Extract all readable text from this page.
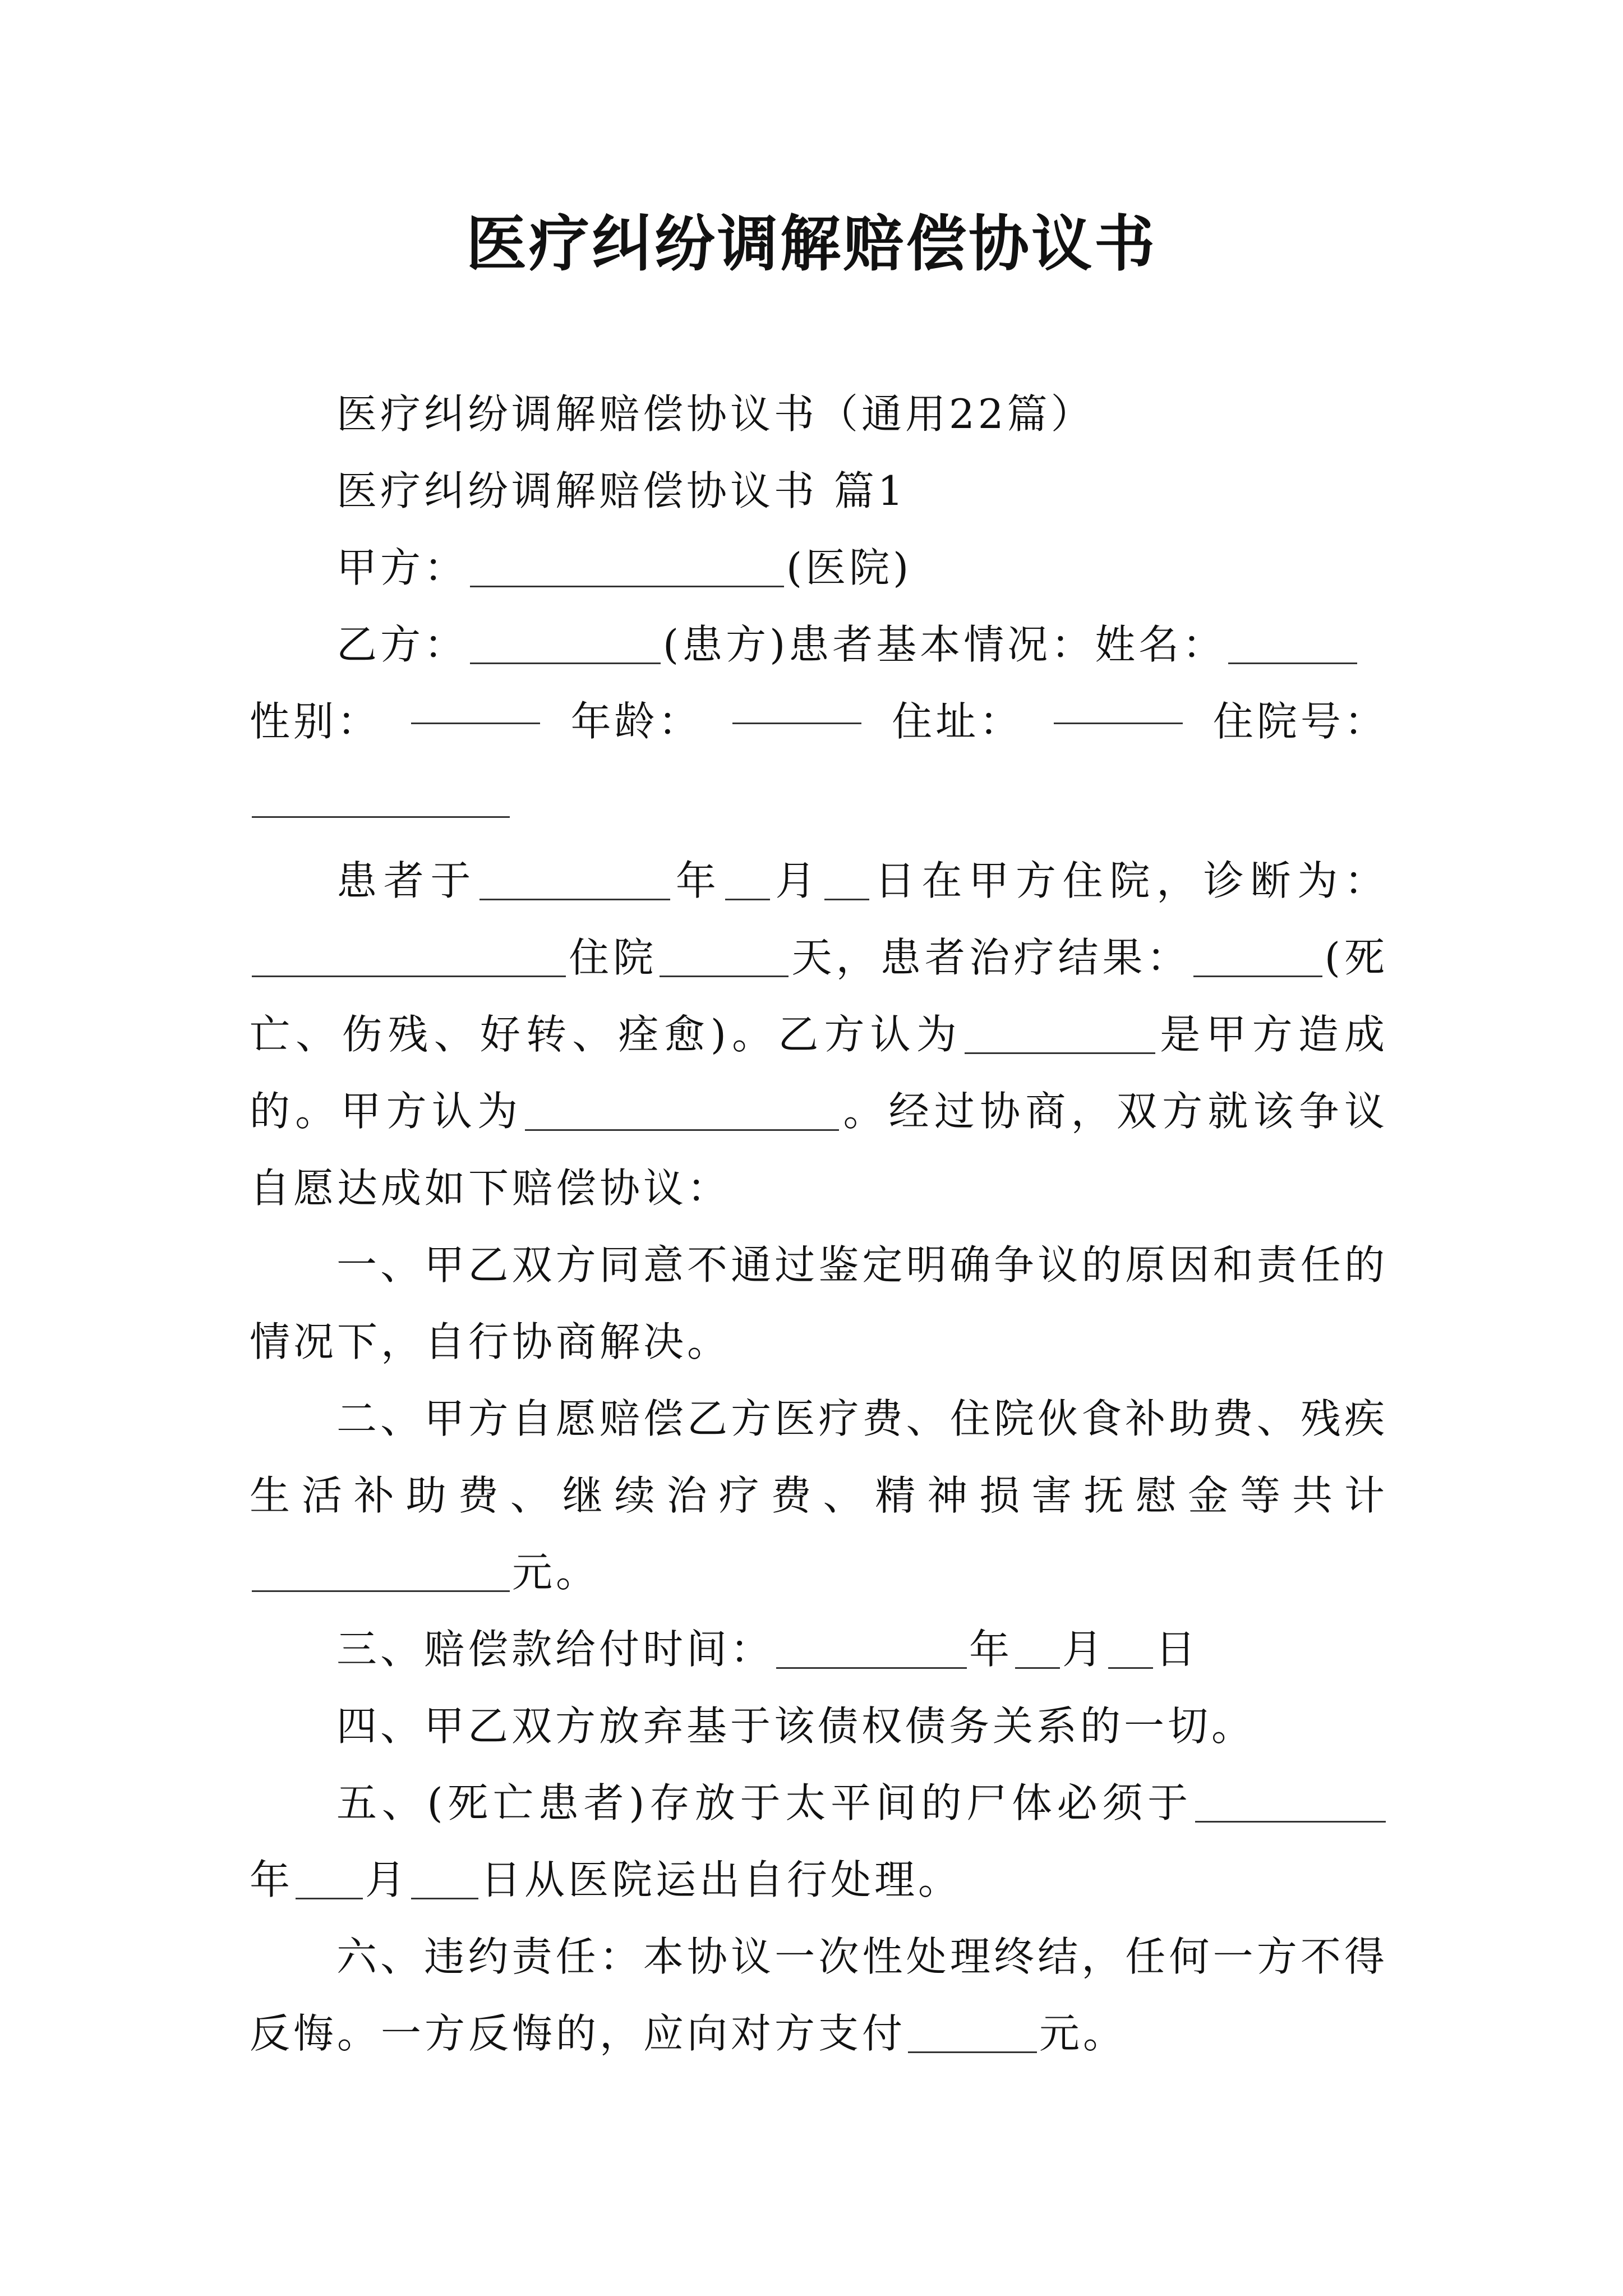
医疗纠纷调解赔偿协议书

医疗纠纷调解赔偿协议书（通用22篇）

医疗纠纷调解赔偿协议书 篇1

甲方：	(医院)

乙方：	(患方)患者基本情况：姓名：

性别：	年龄：	住址：	住院号：

患者于	年 月 日在甲方住院，诊断为：住院	天，患者治疗结果：	(死亡、伤残、好转、痊愈)。乙方认为	是甲方造成的。甲方认为	。经过协商，双方就该争议自愿达成如下赔偿协议：

一、甲乙双方同意不通过鉴定明确争议的原因和责任的情况下，自行协商解决。

二、甲方自愿赔偿乙方医疗费、住院伙食补助费、残疾生活补助费、继续治疗费、精神损害抚慰金等共计元。

三、赔偿款给付时间：	年 月 日

四、甲乙双方放弃基于该债权债务关系的一切。

五、(死亡患者)存放于太平间的尸体必须于年 月 日从医院运出自行处理。

六、违约责任：本协议一次性处理终结，任何一方不得反悔。一方反悔的，应向对方支付	元。
